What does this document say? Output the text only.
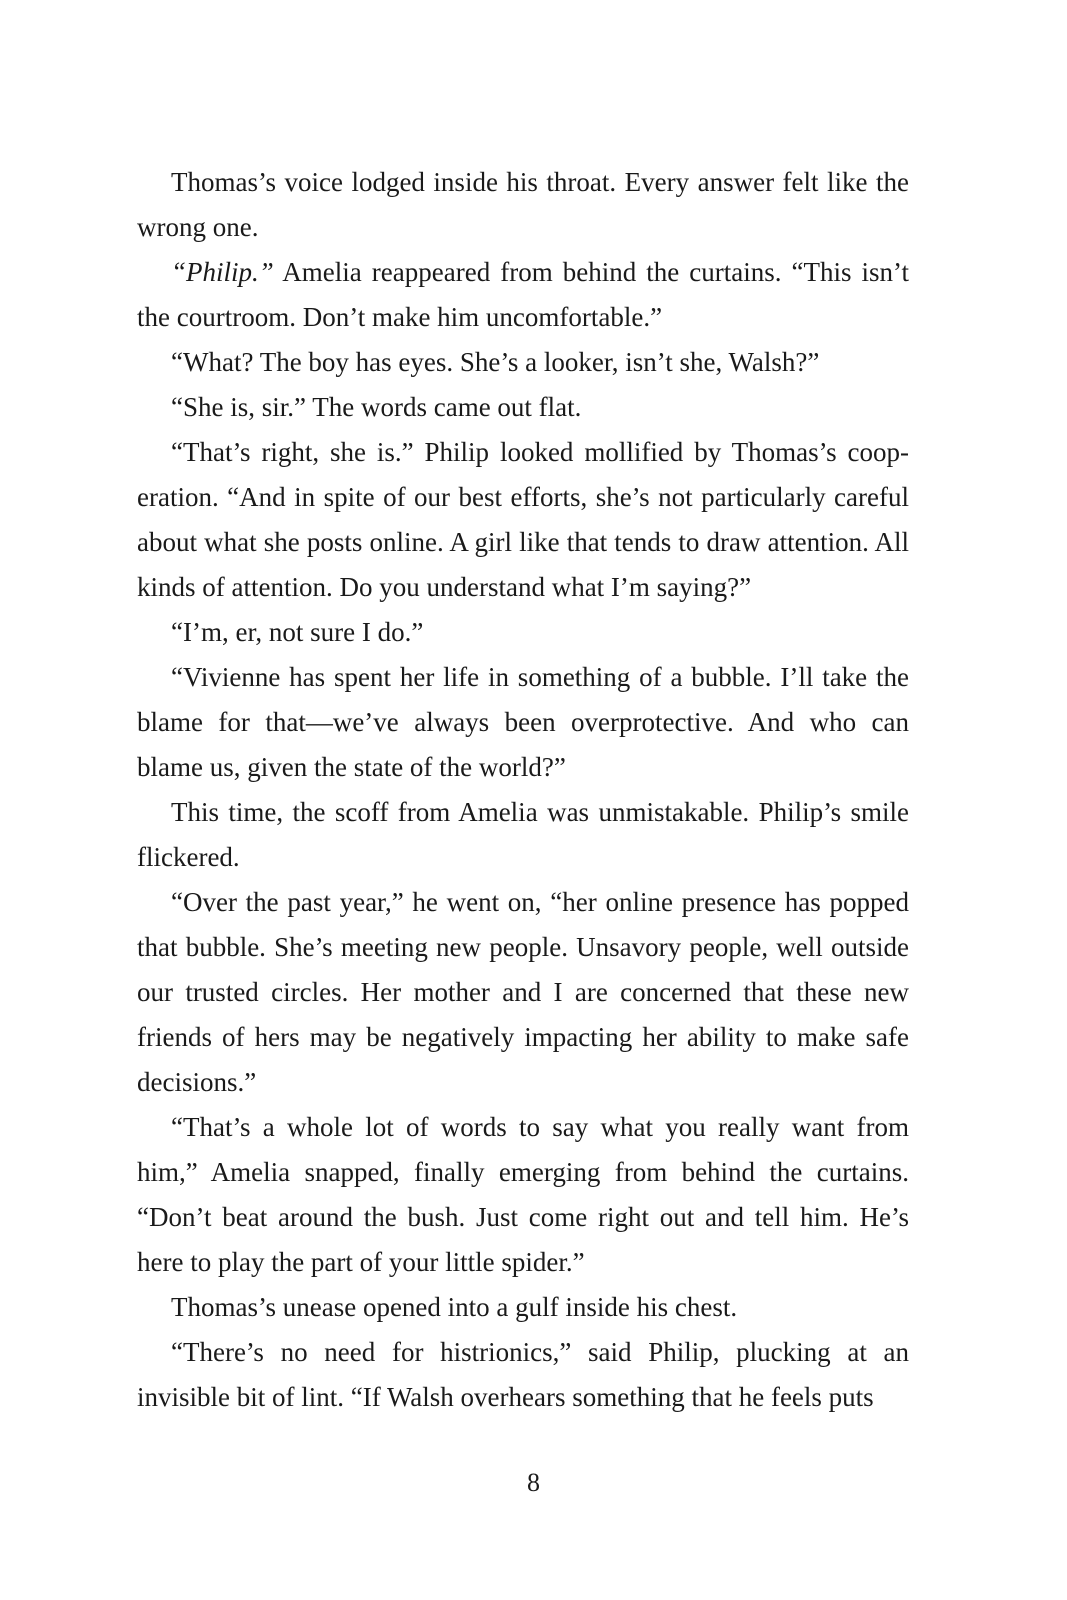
Thomas’s voice lodged inside his throat. Every answer felt like the wrong one.

“Philip.” Amelia reappeared from behind the curtains. “This isn’t the courtroom. Don’t make him uncomfortable.”

“What? The boy has eyes. She’s a looker, isn’t she, Walsh?”

“She is, sir.” The words came out flat.

“That’s right, she is.” Philip looked mollified by Thomas’s cooperation. “And in spite of our best efforts, she’s not particularly careful about what she posts online. A girl like that tends to draw attention. All kinds of attention. Do you understand what I’m saying?”

“I’m, er, not sure I do.”

“Vivienne has spent her life in something of a bubble. I’ll take the blame for that—we’ve always been overprotective. And who can blame us, given the state of the world?”

This time, the scoff from Amelia was unmistakable. Philip’s smile flickered.

“Over the past year,” he went on, “her online presence has popped that bubble. She’s meeting new people. Unsavory people, well outside our trusted circles. Her mother and I are concerned that these new friends of hers may be negatively impacting her ability to make safe decisions.”

“That’s a whole lot of words to say what you really want from him,” Amelia snapped, finally emerging from behind the curtains. “Don’t beat around the bush. Just come right out and tell him. He’s here to play the part of your little spider.”

Thomas’s unease opened into a gulf inside his chest.

“There’s no need for histrionics,” said Philip, plucking at an invisible bit of lint. “If Walsh overhears something that he feels puts

8
